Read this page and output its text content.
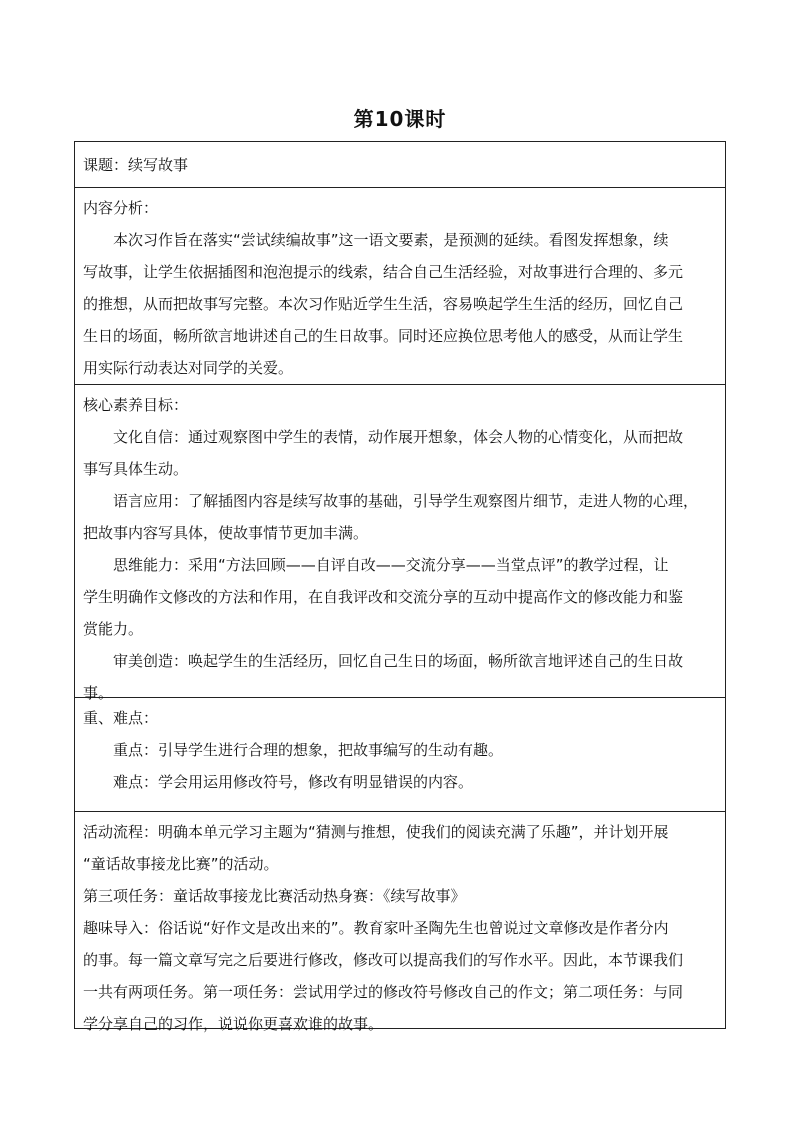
第10课时
课题：续写故事
内容分析：
本次习作旨在落实“尝试续编故事”这一语文要素，是预测的延续。看图发挥想象，续
写故事，让学生依据插图和泡泡提示的线索，结合自己生活经验，对故事进行合理的、多元
的推想，从而把故事写完整。本次习作贴近学生生活，容易唤起学生生活的经历，回忆自己
生日的场面，畅所欲言地讲述自己的生日故事。同时还应换位思考他人的感受，从而让学生
用实际行动表达对同学的关爱。
核心素养目标：
文化自信：通过观察图中学生的表情，动作展开想象，体会人物的心情变化，从而把故
事写具体生动。
语言应用：了解插图内容是续写故事的基础，引导学生观察图片细节，走进人物的心理，
把故事内容写具体，使故事情节更加丰满。
思维能力：采用“方法回顾——自评自改——交流分享——当堂点评”的教学过程，让
学生明确作文修改的方法和作用，在自我评改和交流分享的互动中提高作文的修改能力和鉴
赏能力。
审美创造：唤起学生的生活经历，回忆自己生日的场面，畅所欲言地评述自己的生日故
事。
重、难点：
重点：引导学生进行合理的想象，把故事编写的生动有趣。
难点：学会用运用修改符号，修改有明显错误的内容。
活动流程：明确本单元学习主题为“猜测与推想，使我们的阅读充满了乐趣”，并计划开展
“童话故事接龙比赛”的活动。
第三项任务：童话故事接龙比赛活动热身赛：《续写故事》
趣味导入：俗话说“好作文是改出来的”。教育家叶圣陶先生也曾说过文章修改是作者分内
的事。每一篇文章写完之后要进行修改，修改可以提高我们的写作水平。因此，本节课我们
一共有两项任务。第一项任务：尝试用学过的修改符号修改自己的作文；第二项任务：与同
学分享自己的习作，说说你更喜欢谁的故事。
